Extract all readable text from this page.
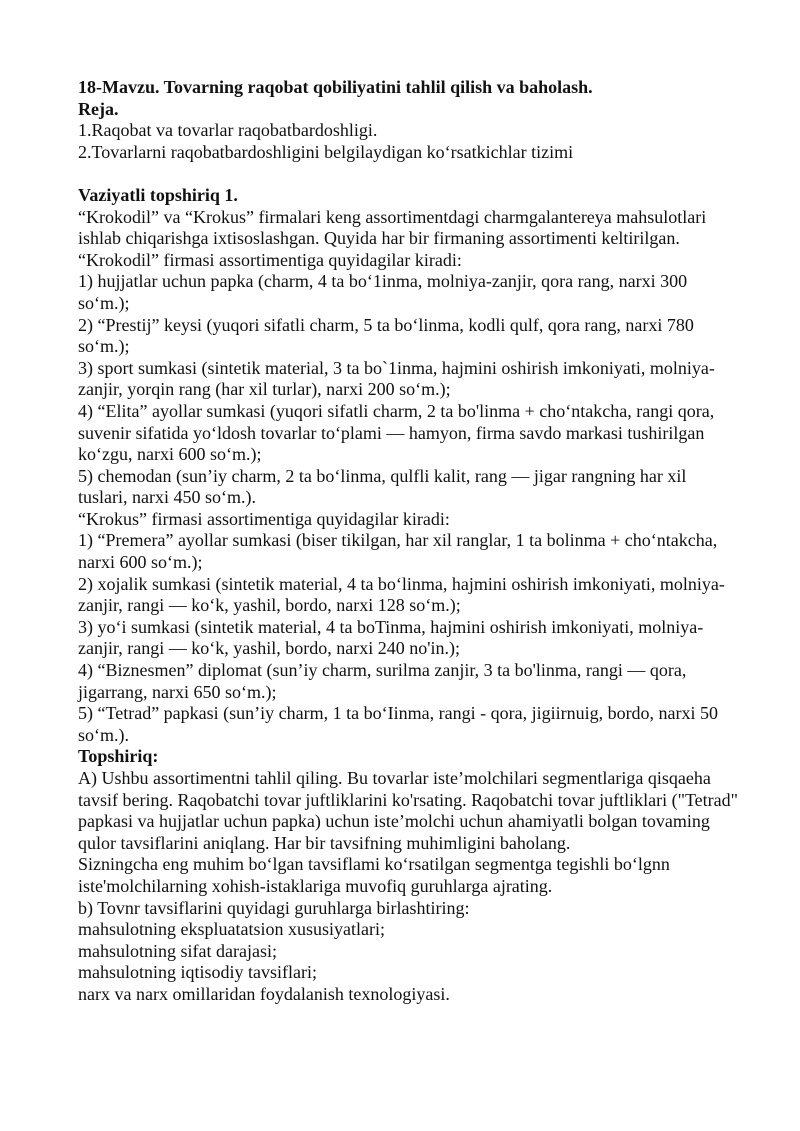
18-Mavzu. Tovarning raqobat qobiliyatini tahlil qilish va baholash.

Reja.

1.Raqobat va tovarlar raqobatbardoshligi.

2.Tovarlarni raqobatbardoshligini belgilaydigan ko‘rsatkichlar tizimi

Vaziyatli topshiriq 1.

“Krokodil” va “Krokus” firmalari keng assortimentdagi charmgalantereya mahsulotlari ishlab chiqarishga ixtisoslashgan. Quyida har bir firmaning assortimenti keltirilgan.

“Krokodil” firmasi assortimentiga quyidagilar kiradi:

1) hujjatlar uchun papka (charm, 4 ta bo‘1inma, molniya-zanjir, qora rang, narxi 300 so‘m.);

2) “Prestij” keysi (yuqori sifatli charm, 5 ta bo‘linma, kodli qulf, qora rang, narxi 780 so‘m.);

3) sport sumkasi (sintetik material, 3 ta bo`1inma, hajmini oshirish imkoniyati, molniya-zanjir, yorqin rang (har xil turlar), narxi 200 so‘m.);

4) “Elita” ayollar sumkasi (yuqori sifatli charm, 2 ta bo'linma + cho‘ntakcha, rangi qora, suvenir sifatida yo‘ldosh tovarlar to‘plami — hamyon, firma savdo markasi tushirilgan ko‘zgu, narxi 600 so‘m.);

5) chemodan (sun’iy charm, 2 ta bo‘linma, qulfli kalit, rang — jigar rangning har xil tuslari, narxi 450 so‘m.).

“Krokus” firmasi assortimentiga quyidagilar kiradi:

1) “Premera” ayollar sumkasi (biser tikilgan, har xil ranglar, 1 ta bolinma + cho‘ntakcha, narxi 600 so‘m.);

2) xojalik sumkasi (sintetik material, 4 ta bo‘linma, hajmini oshirish imkoniyati, molniya-zanjir, rangi — ko‘k, yashil, bordo, narxi 128 so‘m.);

3) yo‘i sumkasi (sintetik material, 4 ta boTinma, hajmini oshirish imkoniyati, molniya-zanjir, rangi — ko‘k, yashil, bordo, narxi 240 no'in.);

4) “Biznesmen” diplomat (sun’iy charm, surilma zanjir, 3 ta bo'linma, rangi — qora, jigarrang, narxi 650 so‘m.);

5) “Tetrad” papkasi (sun’iy charm, 1 ta bo‘Iinma, rangi - qora, jigiirnuig, bordo, narxi 50 so‘m.).

Topshiriq:

A) Ushbu assortimentni tahlil qiling. Bu tovarlar iste’molchilari segmentlariga qisqaeha tavsif bering. Raqobatchi tovar juftliklarini ko'rsating. Raqobatchi tovar juftliklari ("Tetrad" papkasi va hujjatlar uchun papka) uchun iste’molchi uchun ahamiyatli bolgan tovaming qulor tavsiflarini aniqlang. Har bir tavsifning muhimligini baholang.

Sizningcha eng muhim bo‘lgan tavsiflami ko‘rsatilgan segmentga tegishli bo‘lgnn iste'molchilarning xohish-istaklariga muvofiq guruhlarga ajrating.

b) Tovnr tavsiflarini quyidagi guruhlarga birlashtiring:

mahsulotning ekspluatatsion xususiyatlari;

mahsulotning sifat darajasi;

mahsulotning iqtisodiy tavsiflari;

narx va narx omillaridan foydalanish texnologiyasi.
